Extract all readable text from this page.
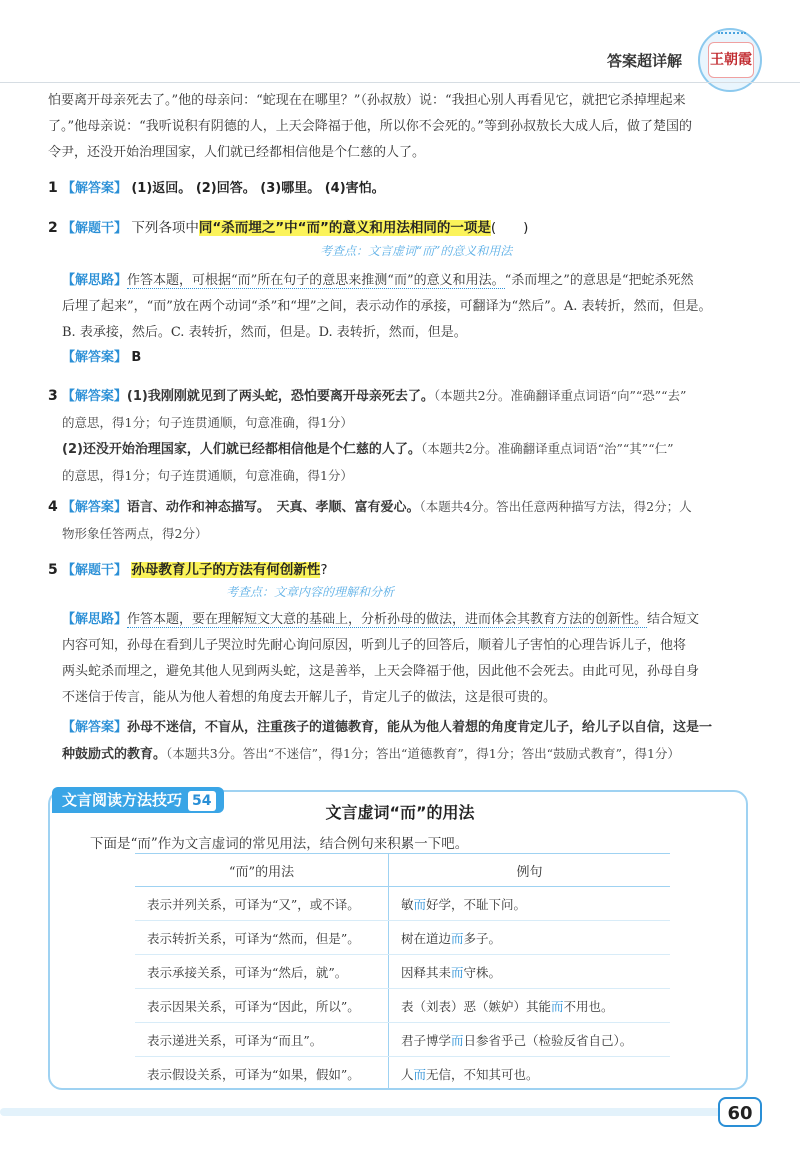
答案超详解 王朝霞

怕要离开母亲死去了。”他的母亲问：“蛇现在在哪里？”（孙叔敖）说：“我担心别人再看见它，就把它杀掉埋起来

了。”他母亲说：“我听说积有阴德的人，上天会降福于他，所以你不会死的。”等到孙叔敖长大成人后，做了楚国的

令尹，还没开始治理国家，人们就已经都相信他是个仁慈的人了。

1 【解答案】 (1)返回。 (2)回答。 (3)哪里。 (4)害怕。
2 【解题干】 下列各项中同“杀而埋之”中“而”的意义和用法相同的一项是(　　)
考查点：文言虚词“而”的意义和用法

【解思路】作答本题，可根据“而”所在句子的意思来推测“而”的意义和用法。“杀而埋之”的意思是“把蛇杀死然

后埋了起来”，“而”放在两个动词“杀”和“埋”之间，表示动作的承接，可翻译为“然后”。A. 表转折，然而，但是。

B. 表承接，然后。C. 表转折，然而，但是。D. 表转折，然而，但是。

【解答案】 B

3 【解答案】(1)我刚刚就见到了两头蛇，恐怕要离开母亲死去了。（本题共2分。准确翻译重点词语“向”“恐”“去”

的意思，得1分；句子连贯通顺，句意准确，得1分）

(2)还没开始治理国家，人们就已经都相信他是个仁慈的人了。（本题共2分。准确翻译重点词语“治”“其”“仁”

的意思，得1分；句子连贯通顺，句意准确，得1分）

4 【解答案】语言、动作和神态描写。　 天真、孝顺、富有爱心。（本题共4分。答出任意两种描写方法，得2分；人

物形象任答两点，得2分）

5 【解题干】 孙母教育儿子的方法有何创新性?
考查点：文章内容的理解和分析

【解思路】作答本题，要在理解短文大意的基础上，分析孙母的做法，进而体会其教育方法的创新性。结合短文

内容可知，孙母在看到儿子哭泣时先耐心询问原因，听到儿子的回答后，顺着儿子害怕的心理告诉儿子，他将

两头蛇杀而埋之，避免其他人见到两头蛇，这是善举，上天会降福于他，因此他不会死去。由此可见，孙母自身

不迷信于传言，能从为他人着想的角度去开解儿子，肯定儿子的做法，这是很可贵的。

【解答案】孙母不迷信，不盲从，注重孩子的道德教育，能从为他人着想的角度肯定儿子，给儿子以自信，这是一

种鼓励式的教育。（本题共3分。答出“不迷信”，得1分；答出“道德教育”，得1分；答出“鼓励式教育”，得1分）

文言阅读方法技巧 54
文言虚词“而”的用法
下面是“而”作为文言虚词的常见用法，结合例句来积累一下吧。
“而”的用法	例句
表示并列关系，可译为“又”，或不译。	敏而好学，不耻下问。
表示转折关系，可译为“然而，但是”。	树在道边而多子。
表示承接关系，可译为“然后，就”。	因释其耒而守株。
表示因果关系，可译为“因此，所以”。	表（刘表）恶（嫉妒）其能而不用也。
表示递进关系，可译为“而且”。	君子博学而日参省乎己（检验反省自己）。
表示假设关系，可译为“如果，假如”。	人而无信，不知其可也。
60
